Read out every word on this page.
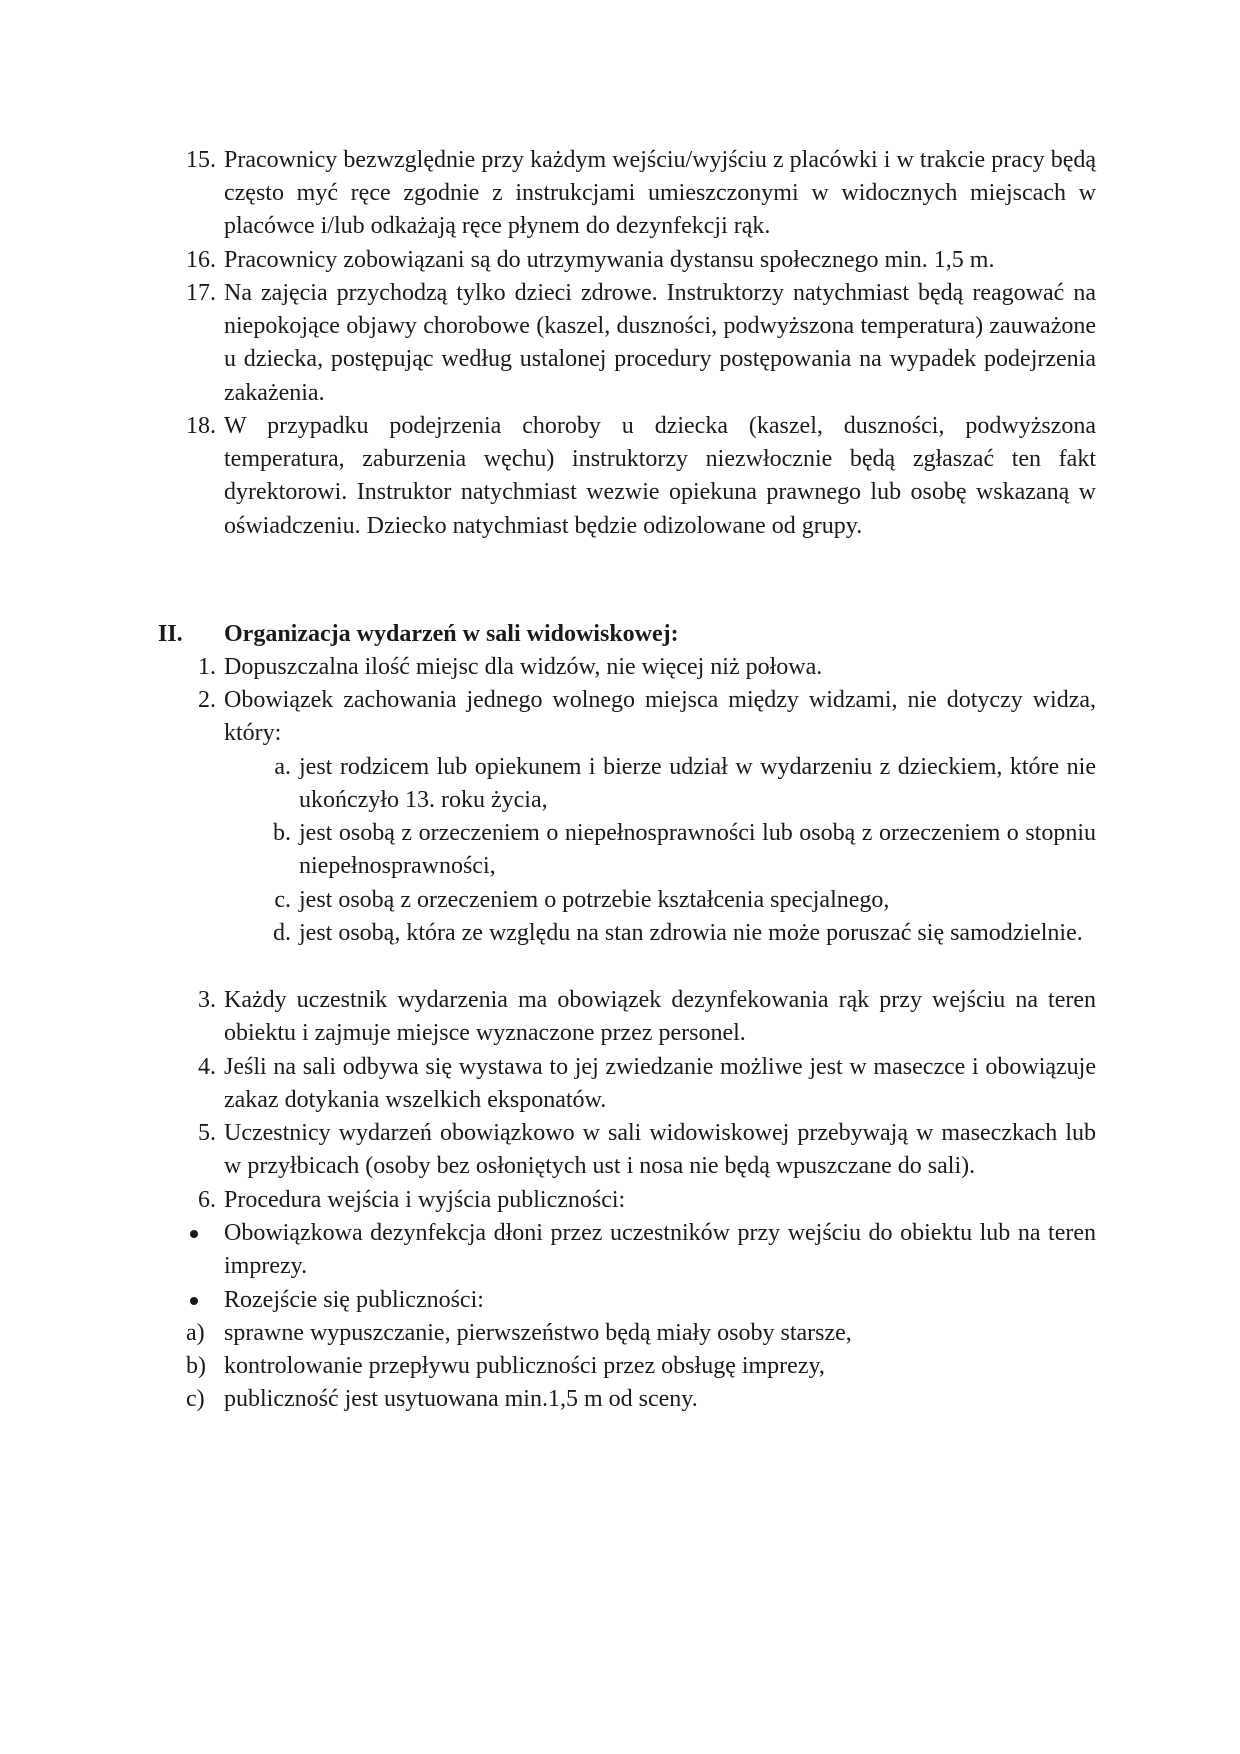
15. Pracownicy bezwzględnie przy każdym wejściu/wyjściu z placówki i w trakcie pracy będą często myć ręce zgodnie z instrukcjami umieszczonymi w widocznych miejscach w placówce i/lub odkażają ręce płynem do dezynfekcji rąk.
16. Pracownicy zobowiązani są do utrzymywania dystansu społecznego min. 1,5 m.
17. Na zajęcia przychodzą tylko dzieci zdrowe. Instruktorzy natychmiast będą reagować na niepokojące objawy chorobowe (kaszel, duszności, podwyższona temperatura) zauważone u dziecka, postępując według ustalonej procedury postępowania na wypadek podejrzenia zakażenia.
18. W przypadku podejrzenia choroby u dziecka (kaszel, duszności, podwyższona temperatura, zaburzenia węchu) instruktorzy niezwłocznie będą zgłaszać ten fakt dyrektorowi. Instruktor natychmiast wezwie opiekuna prawnego lub osobę wskazaną w oświadczeniu. Dziecko natychmiast będzie odizolowane od grupy.
II. Organizacja wydarzeń w sali widowiskowej:
1. Dopuszczalna ilość miejsc dla widzów, nie więcej niż połowa.
2. Obowiązek zachowania jednego wolnego miejsca między widzami, nie dotyczy widza, który:
a. jest rodzicem lub opiekunem i bierze udział w wydarzeniu z dzieckiem, które nie ukończyło 13. roku życia,
b. jest osobą z orzeczeniem o niepełnosprawności lub osobą z orzeczeniem o stopniu niepełnosprawności,
c. jest osobą z orzeczeniem o potrzebie kształcenia specjalnego,
d. jest osobą, która ze względu na stan zdrowia nie może poruszać się samodzielnie.
3. Każdy uczestnik wydarzenia ma obowiązek dezynfekowania rąk przy wejściu na teren obiektu i zajmuje miejsce wyznaczone przez personel.
4. Jeśli na sali odbywa się wystawa to jej zwiedzanie możliwe jest w maseczce i obowiązuje zakaz dotykania wszelkich eksponatów.
5. Uczestnicy wydarzeń obowiązkowo w sali widowiskowej przebywają w maseczkach lub w przyłbicach (osoby bez osłoniętych ust i nosa nie będą wpuszczane do sali).
6. Procedura wejścia i wyjścia publiczności:
Obowiązkowa dezynfekcja dłoni przez uczestników przy wejściu do obiektu lub na teren imprezy.
Rozejście się publiczności:
a) sprawne wypuszczanie, pierwszeństwo będą miały osoby starsze,
b) kontrolowanie przepływu publiczności przez obsługę imprezy,
c) publiczność jest usytuowana min.1,5 m od sceny.
